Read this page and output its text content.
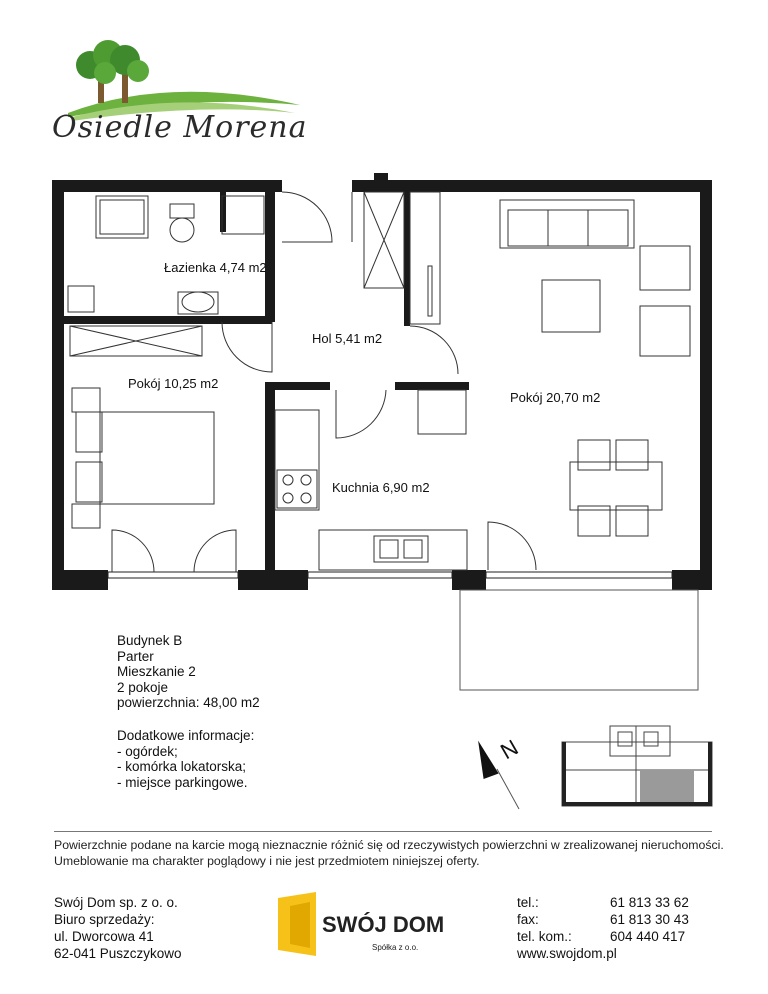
Osiedle Morena
Łazienka 4,74 m2
Hol 5,41 m2
Pokój 10,25 m2
Pokój 20,70 m2
Kuchnia 6,90 m2
Budynek B
Parter
Mieszkanie 2
2 pokoje
powierzchnia: 48,00 m2
Dodatkowe informacje:
- ogórdek;
- komórka lokatorska;
- miejsce parkingowe.
N
Powierzchnie podane na karcie mogą nieznacznie różnić się od rzeczywistych powierzchni w zrealizowanej nieruchomości. Umeblowanie ma charakter poglądowy i nie jest przedmiotem niniejszej oferty.
Swój Dom sp. z o. o.
Biuro sprzedaży:
ul. Dworcowa 41
62-041 Puszczykowo
SWÓJ DOM
Spółka z o.o.
tel.:
fax:
tel. kom.:
www.swojdom.pl
61 813 33 62
61 813 30 43
604 440 417
